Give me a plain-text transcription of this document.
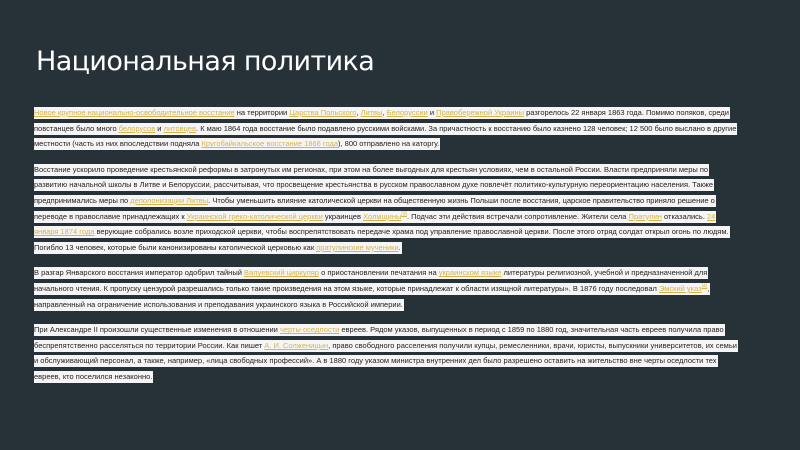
Национальная политика

Новое крупное национально-освободительное восстание на территории Царства Польского, Литвы, Белоруссии и Правобережной Украины разгорелось 22 января 1863 года. Помимо поляков, среди повстанцев было много белорусов и литовцев. К маю 1864 года восстание было подавлено русскими войсками. За причастность к восстанию было казнено 128 человек; 12 500 было выслано в другие местности (часть из них впоследствии подняла Кругобайкальское восстание 1866 года), 800 отправлено на каторгу.

Восстание ускорило проведение крестьянской реформы в затронутых им регионах, при этом на более выгодных для крестьян условиях, чем в остальной России. Власти предприняли меры по развитию начальной школы в Литве и Белоруссии, рассчитывая, что просвещение крестьянства в русском православном духе повлечёт политико-культурную переориентацию населения. Также предпринимались меры по деполонизации Литвы. Чтобы уменьшить влияние католической церкви на общественную жизнь Польши после восстания, царское правительство приняло решение о переводе в православие принадлежащих к Украинской греко-католической церкви украинцев Холмщины[3]. Подчас эти действия встречали сопротивление. Жители села Пратулин отказались. 24 января 1874 года верующие собрались возле приходской церкви, чтобы воспрепятствовать передаче храма под управление православной церкви. После этого отряд солдат открыл огонь по людям. Погибло 13 человек, которые были канонизированы католической церковью как пратулинские мученики.

В разгар Январского восстания император одобрил тайный Валуевский циркуляр о приостановлении печатания на украинском языке литературы религиозной, учебной и предназначенной для начального чтения. К пропуску цензурой разрешались только такие произведения на этом языке, которые принадлежат к области изящной литературы». В 1876 году последовал Эмский указ[4], направленный на ограничение использования и преподавания украинского языка в Российской империи.

При Александре II произошли существенные изменения в отношении черты оседлости евреев. Рядом указов, выпущенных в период с 1859 по 1880 год, значительная часть евреев получила право беспрепятственно расселяться по территории России. Как пишет А. И. Солженицын, право свободного расселения получили купцы, ремесленники, врачи, юристы, выпускники университетов, их семьи и обслуживающий персонал, а также, например, «лица свободных профессий». А в 1880 году указом министра внутренних дел было разрешено оставить на жительство вне черты оседлости тех евреев, кто поселился незаконно.
